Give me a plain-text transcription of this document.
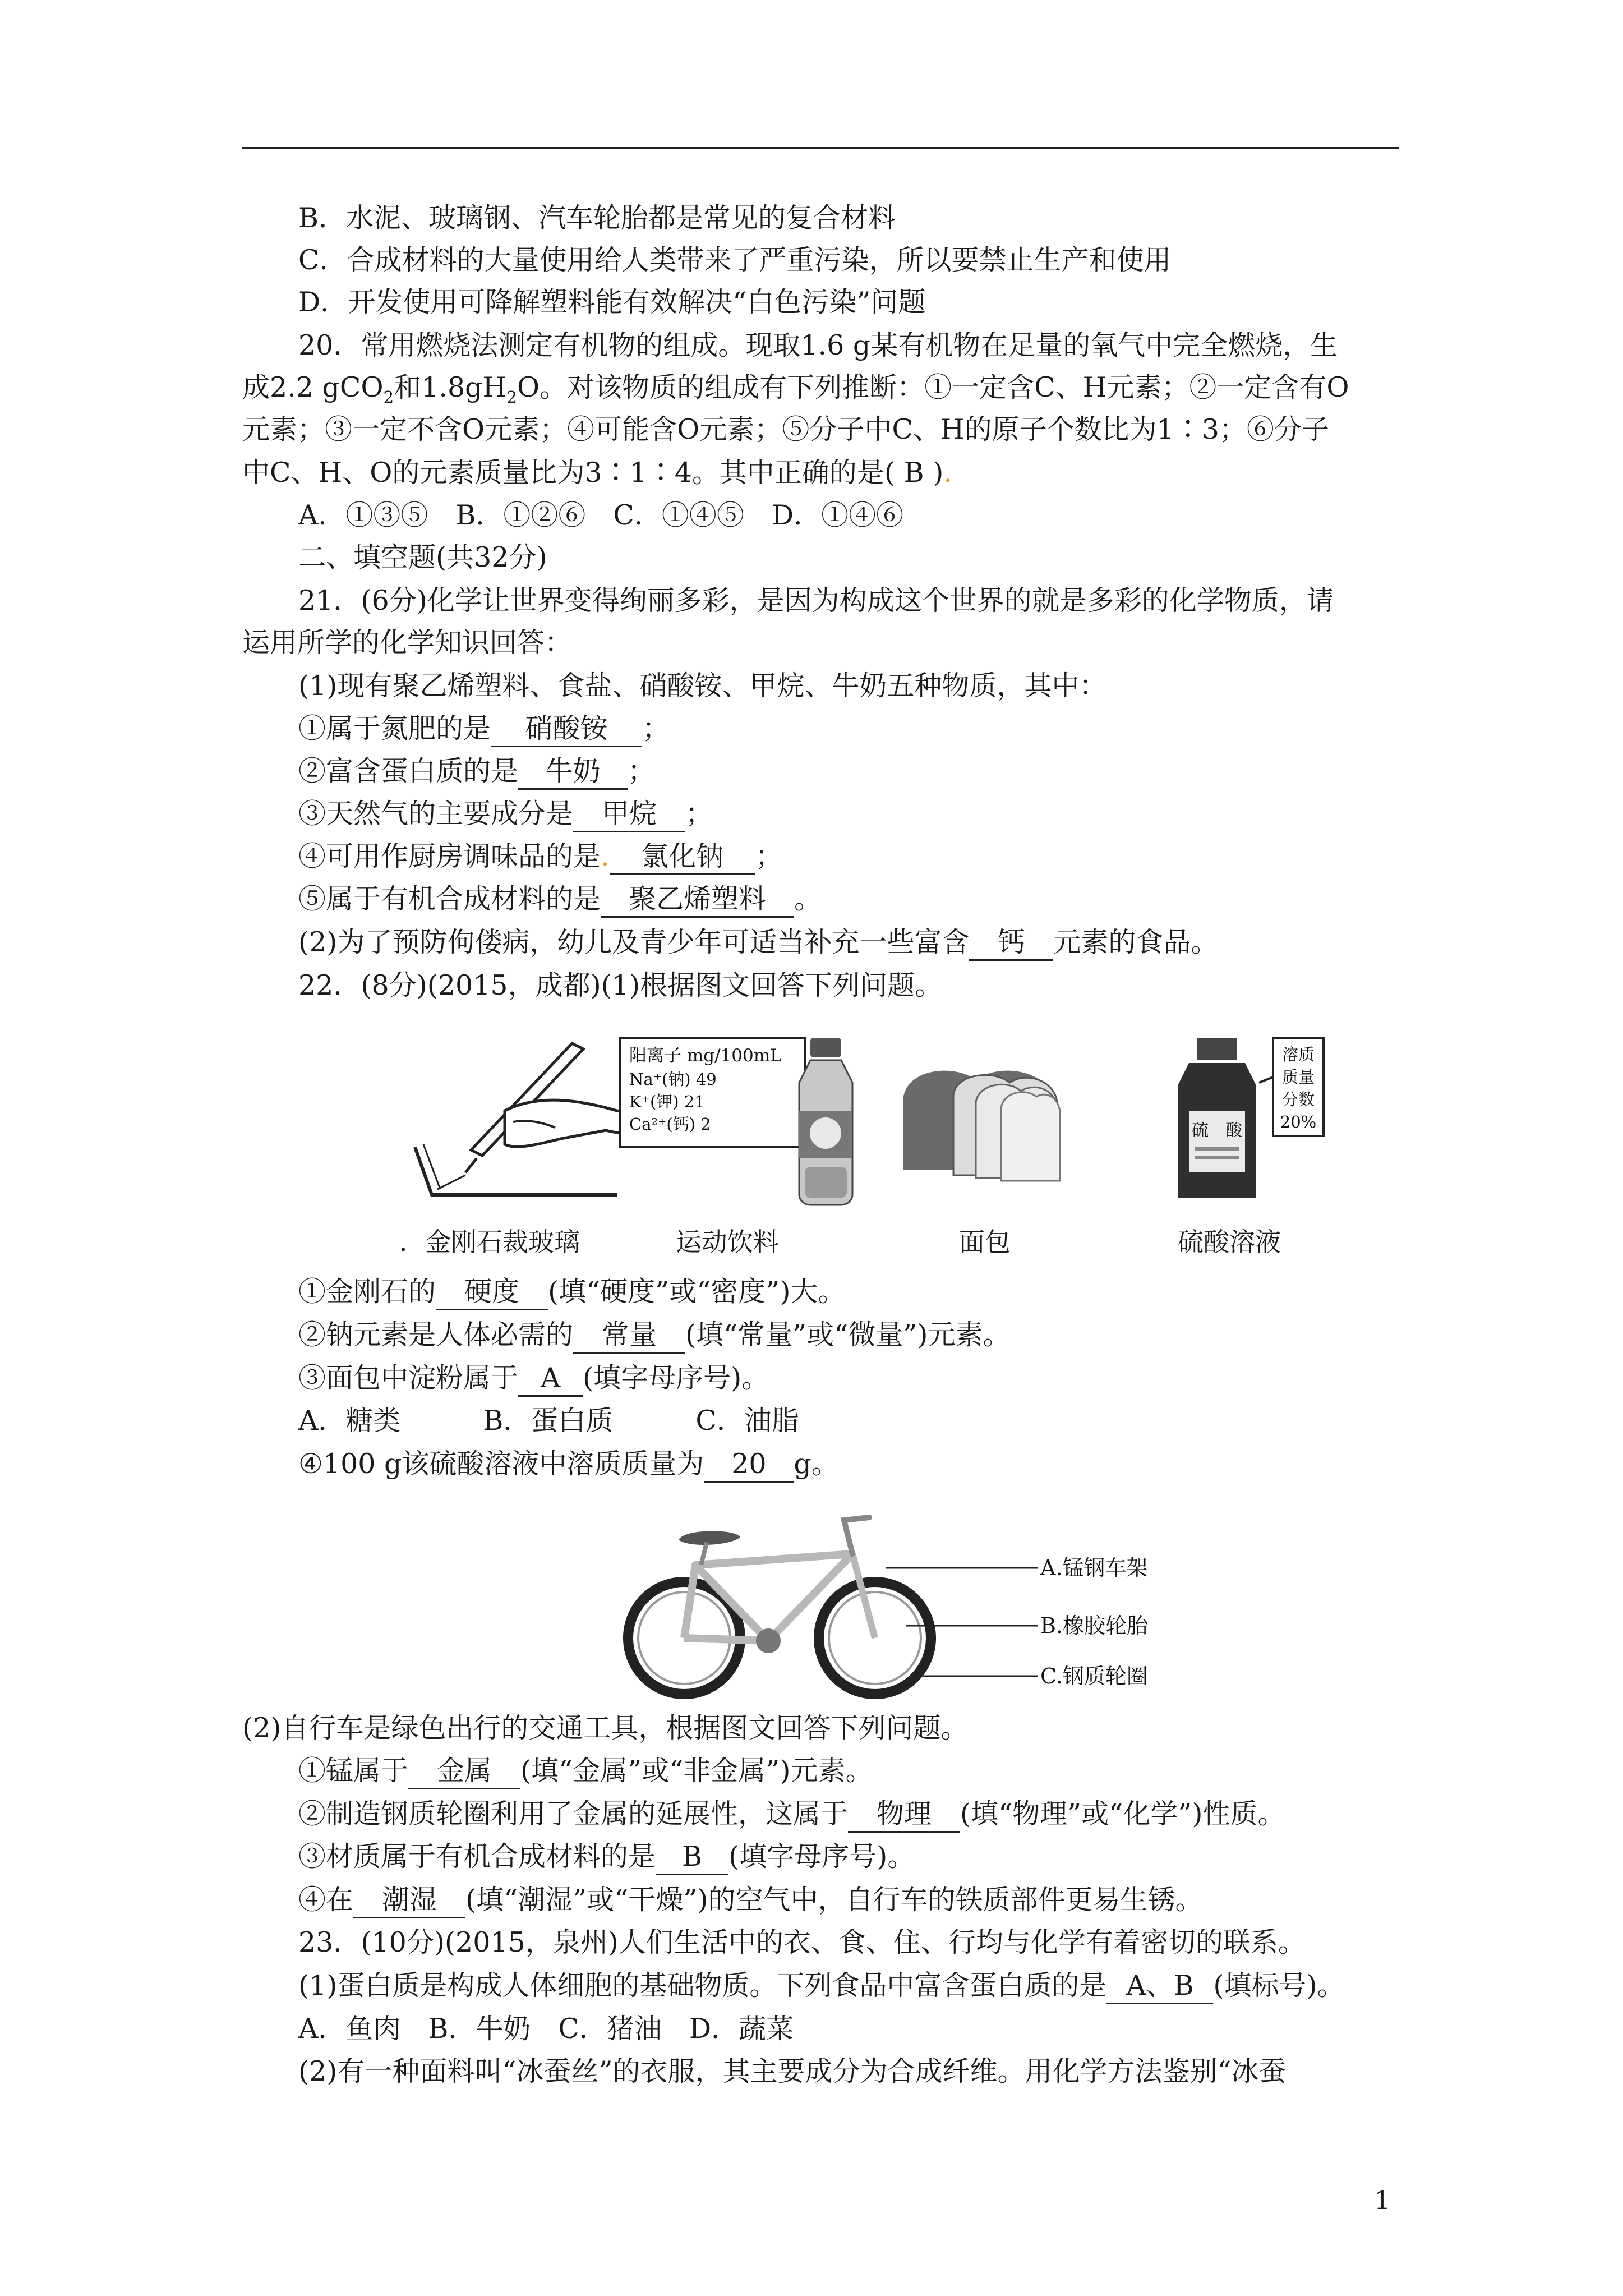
B．水泥、玻璃钢、汽车轮胎都是常见的复合材料
C．合成材料的大量使用给人类带来了严重污染，所以要禁止生产和使用
D．开发使用可降解塑料能有效解决“白色污染”问题
20．常用燃烧法测定有机物的组成。现取1.6 g某有机物在足量的氧气中完全燃烧，生
成2.2 gCO$_2$和$1.8gH_2O$。对该物质的组成有下列推断：①一定含C、H元素；②一定含有O
元素；③一定不含O元素；④可能含O元素；⑤分子中C、H的原子个数比为1∶3；⑥分子
中C、H、O的元素质量比为3∶1∶4。其中正确的是( B ).
A．①③⑤　B．①②⑥　C．①④⑤　D．①④⑥
二、填空题(共32分)
21．(6分)化学让世界变得绚丽多彩，是因为构成这个世界的就是多彩的化学物质，请
运用所学的化学知识回答：
(1)现有聚乙烯塑料、食盐、硝酸铵、甲烷、牛奶五种物质，其中：
①属于氮肥的是 硝酸铵 ；
②富含蛋白质的是 牛奶 ；
③天然气的主要成分是 甲烷 ；
④可用作厨房调味品的是. 氯化钠 ；
⑤属于有机合成材料的是 聚乙烯塑料 。
(2)为了预防佝偻病，幼儿及青少年可适当补充一些富含 钙 元素的食品。
22．(8分)(2015，成都)(1)根据图文回答下列问题。
阳离子 mg/100mL
Na⁺(钠) 49
K⁺(钾) 21
Ca²⁺(钙) 2	硫　酸
溶质
质量
分数
20%
．金刚石裁玻璃	运动饮料	面包	硫酸溶液
①金刚石的 硬度 (填“硬度”或“密度”)大。
②钠元素是人体必需的 常量 (填“常量”或“微量”)元素。
③面包中淀粉属于 A (填字母序号)。
A．糖类　　　B．蛋白质　　　C．油脂
④100 g该硫酸溶液中溶质质量为 20 g。
A.锰钢车架
B.橡胶轮胎
C.钢质轮圈
(2)自行车是绿色出行的交通工具，根据图文回答下列问题。
①锰属于 金属 (填“金属”或“非金属”)元素。
②制造钢质轮圈利用了金属的延展性，这属于 物理 (填“物理”或“化学”)性质。
③材质属于有机合成材料的是 B (填字母序号)。
④在 潮湿 (填“潮湿”或“干燥”)的空气中，自行车的铁质部件更易生锈。
23．(10分)(2015，泉州)人们生活中的衣、食、住、行均与化学有着密切的联系。
(1)蛋白质是构成人体细胞的基础物质。下列食品中富含蛋白质的是 A、B (填标号)。
A．鱼肉　B．牛奶　C．猪油　D．蔬菜
(2)有一种面料叫“冰蚕丝”的衣服，其主要成分为合成纤维。用化学方法鉴别“冰蚕
1
